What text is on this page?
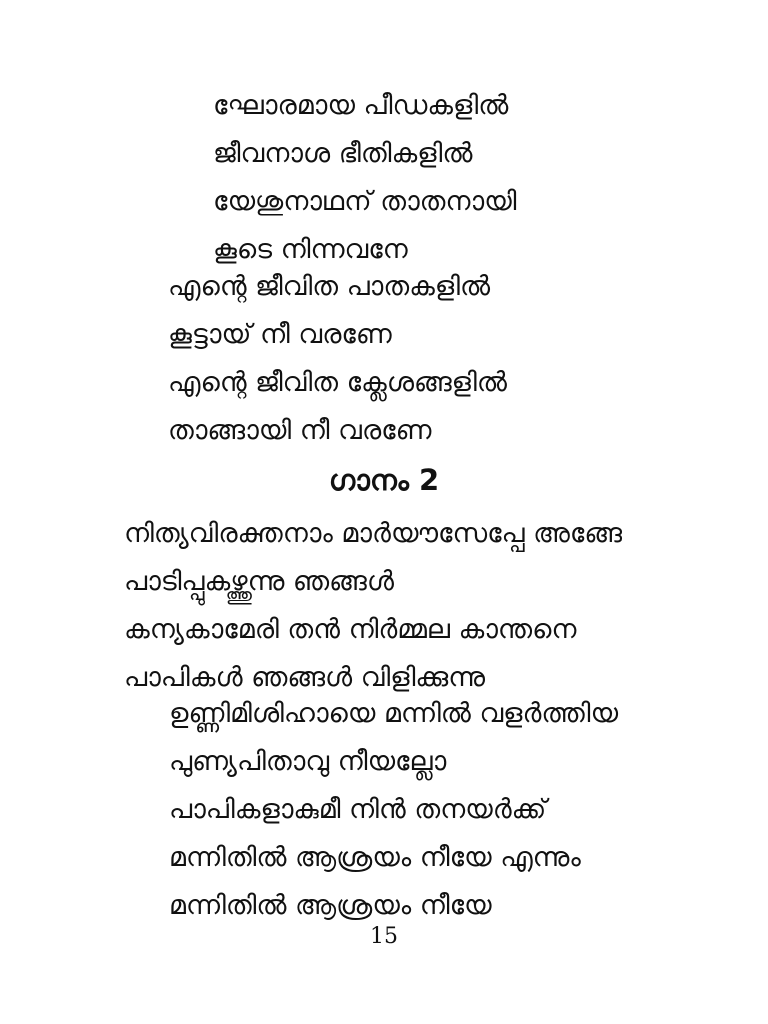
ഘോരമായ പീഡകളിൽ
ജീവനാശ ഭീതികളിൽ
യേശുനാഥന് താതനായി
കൂടെ നിന്നവനേ
എന്റെ ജീവിത പാതകളിൽ
കൂട്ടായ് നീ വരണേ
എന്റെ ജീവിത ക്ലേശങ്ങളിൽ
താങ്ങായി നീ വരണേ
ഗാനം 2
നിത്യവിരക്തനാം മാർയൗസേപ്പേ അങ്ങേ
പാടിപ്പുകഴ്ത്തുന്നു ഞങ്ങൾ
കന്യകാമേരി തൻ നിർമ്മല കാന്തനെ
പാപികൾ ഞങ്ങൾ വിളിക്കുന്നു
ഉണ്ണിമിശിഹായെ മന്നിൽ വളർത്തിയ
പുണ്യപിതാവു നീയല്ലോ
പാപികളാകുമീ നിൻ തനയർക്ക്
മന്നിതിൽ ആശ്രയം നീയേ എന്നും
മന്നിതിൽ ആശ്രയം നീയേ
15
